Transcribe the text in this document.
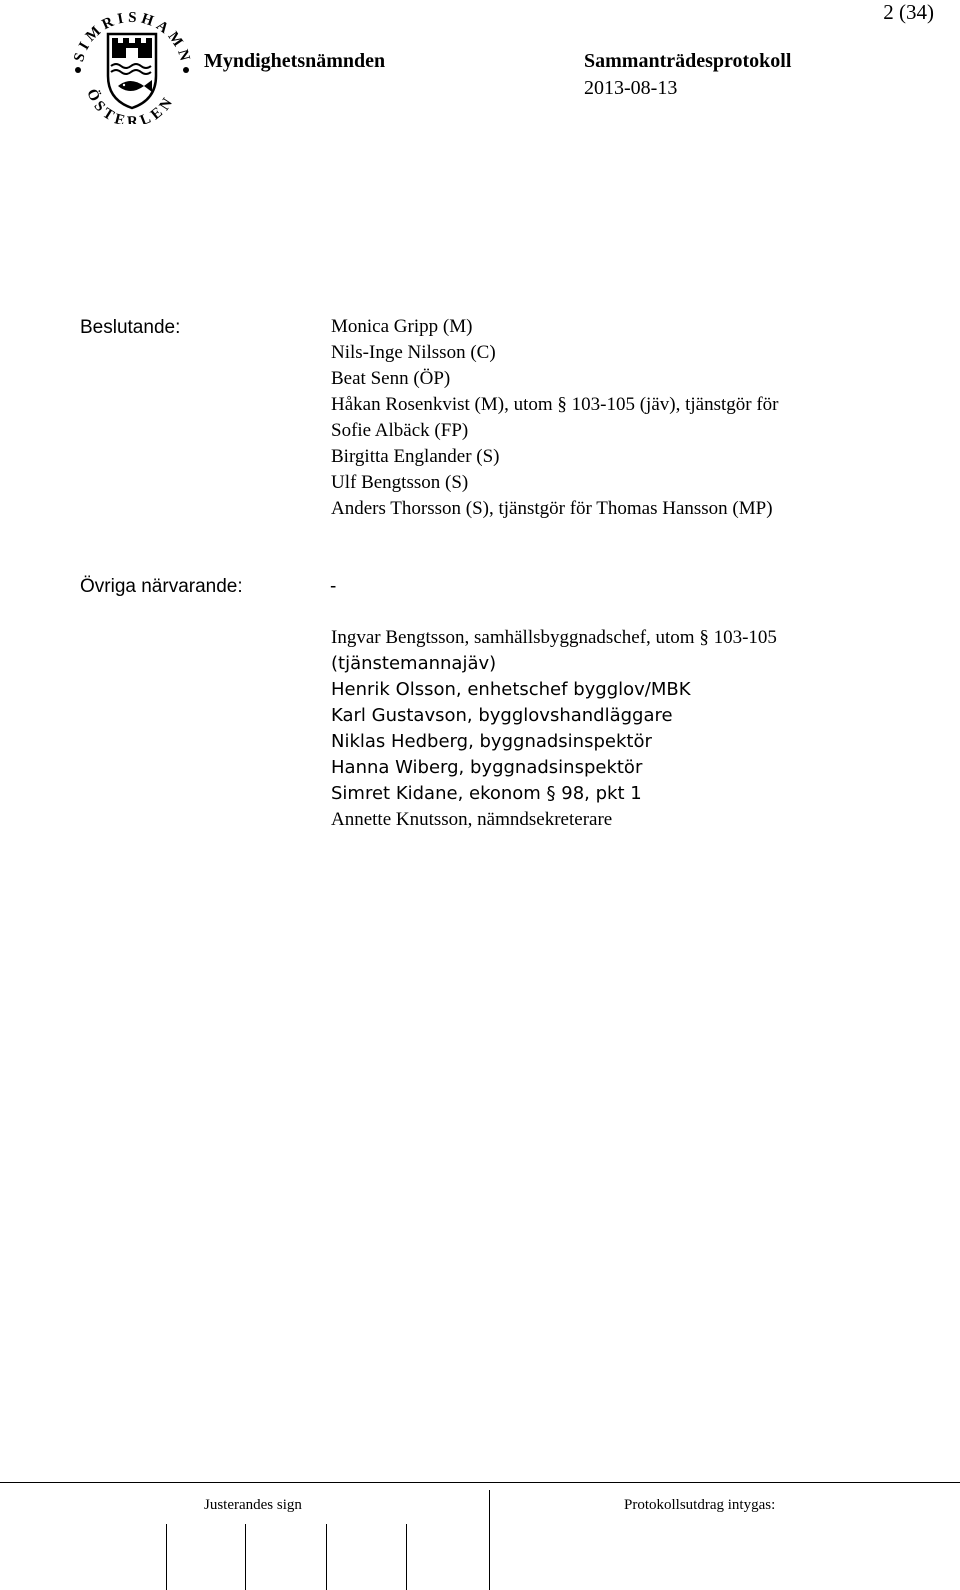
2 (34)
SIMRISHAMN
ÖSTERLEN
Myndighetsnämnden	Sammanträdesprotokoll
2013-08-13
Beslutande:	Monica Gripp (M)
Nils-Inge Nilsson (C)
Beat Senn (ÖP)
Håkan Rosenkvist (M), utom § 103-105 (jäv), tjänstgör för
Sofie Albäck (FP)
Birgitta Englander (S)
Ulf Bengtsson (S)
Anders Thorsson (S), tjänstgör för Thomas Hansson (MP)
Övriga närvarande:	-
Ingvar Bengtsson, samhällsbyggnadschef, utom § 103-105
(tjänstemannajäv)
Henrik Olsson, enhetschef bygglov/MBK
Karl Gustavson, bygglovshandläggare
Niklas Hedberg, byggnadsinspektör
Hanna Wiberg, byggnadsinspektör
Simret Kidane, ekonom § 98, pkt 1
Annette Knutsson, nämndsekreterare
Justerandes sign	Protokollsutdrag intygas:
